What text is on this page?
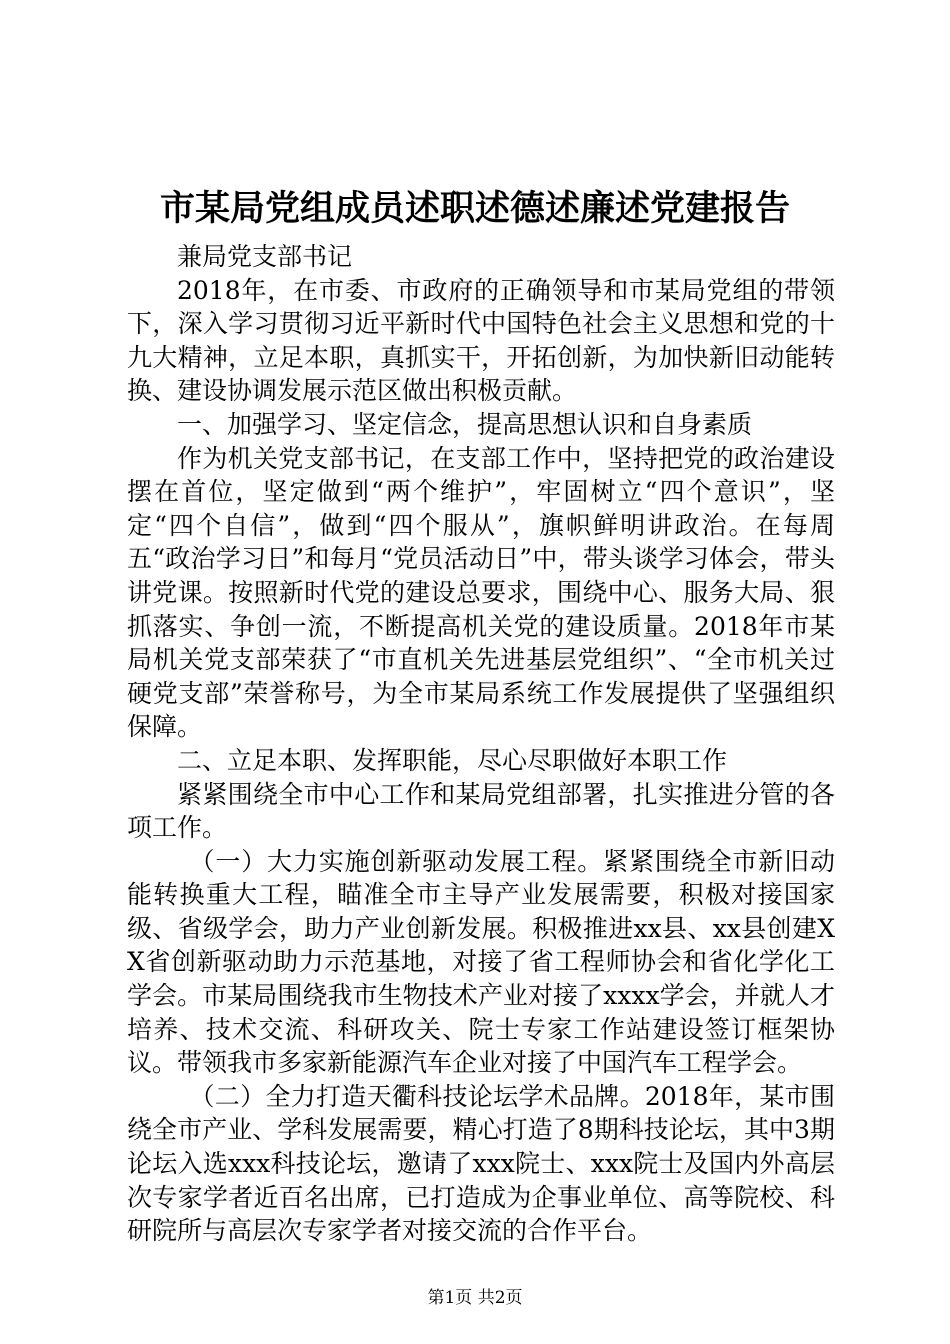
市某局党组成员述职述德述廉述党建报告

兼局党支部书记

2018年，在市委、市政府的正确领导和市某局党组的带领下，深入学习贯彻习近平新时代中国特色社会主义思想和党的十九大精神，立足本职，真抓实干，开拓创新，为加快新旧动能转换、建设协调发展示范区做出积极贡献。

一、加强学习、坚定信念，提高思想认识和自身素质

作为机关党支部书记，在支部工作中，坚持把党的政治建设摆在首位，坚定做到“两个维护”，牢固树立“四个意识”，坚定“四个自信”，做到“四个服从”，旗帜鲜明讲政治。在每周五“政治学习日”和每月“党员活动日”中，带头谈学习体会，带头讲党课。按照新时代党的建设总要求，围绕中心、服务大局、狠抓落实、争创一流，不断提高机关党的建设质量。2018年市某局机关党支部荣获了“市直机关先进基层党组织”、“全市机关过硬党支部”荣誉称号，为全市某局系统工作发展提供了坚强组织保障。

二、立足本职、发挥职能，尽心尽职做好本职工作

紧紧围绕全市中心工作和某局党组部署，扎实推进分管的各项工作。

（一）大力实施创新驱动发展工程。紧紧围绕全市新旧动能转换重大工程，瞄准全市主导产业发展需要，积极对接国家级、省级学会，助力产业创新发展。积极推进xx县、xx县创建XX省创新驱动助力示范基地，对接了省工程师协会和省化学化工学会。市某局围绕我市生物技术产业对接了xxxx学会，并就人才培养、技术交流、科研攻关、院士专家工作站建设签订框架协议。带领我市多家新能源汽车企业对接了中国汽车工程学会。

（二）全力打造天衢科技论坛学术品牌。2018年，某市围绕全市产业、学科发展需要，精心打造了8期科技论坛，其中3期论坛入选xxx科技论坛，邀请了xxx院士、xxx院士及国内外高层次专家学者近百名出席，已打造成为企事业单位、高等院校、科研院所与高层次专家学者对接交流的合作平台。

第1页 共2页
